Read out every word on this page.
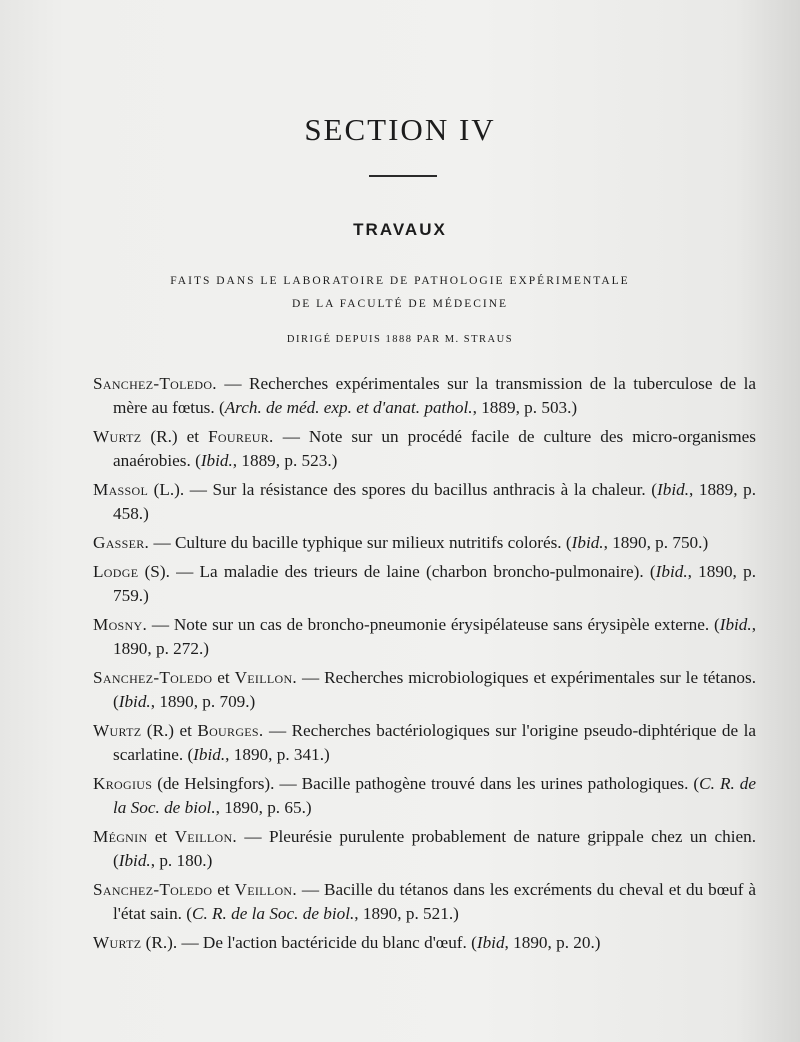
SECTION IV
TRAVAUX
FAITS DANS LE LABORATOIRE DE PATHOLOGIE EXPÉRIMENTALE
DE LA FACULTÉ DE MÉDECINE
DIRIGÉ DEPUIS 1888 PAR M. STRAUS
Sanchez-Toledo. — Recherches expérimentales sur la transmission de la tuberculose de la mère au fœtus. (Arch. de méd. exp. et d'anat. pathol., 1889, p. 503.)
Wurtz (R.) et Foureur. — Note sur un procédé facile de culture des micro-organismes anaérobies. (Ibid., 1889, p. 523.)
Massol (L.). — Sur la résistance des spores du bacillus anthracis à la chaleur. (Ibid., 1889, p. 458.)
Gasser. — Culture du bacille typhique sur milieux nutritifs colorés. (Ibid., 1890, p. 750.)
Lodge (S). — La maladie des trieurs de laine (charbon broncho-pulmonaire). (Ibid., 1890, p. 759.)
Mosny. — Note sur un cas de broncho-pneumonie érysipélateuse sans érysipèle externe. (Ibid., 1890, p. 272.)
Sanchez-Toledo et Veillon. — Recherches microbiologiques et expérimentales sur le tétanos. (Ibid., 1890, p. 709.)
Wurtz (R.) et Bourges. — Recherches bactériologiques sur l'origine pseudo-diphtérique de la scarlatine. (Ibid., 1890, p. 341.)
Krogius (de Helsingfors). — Bacille pathogène trouvé dans les urines pathologiques. (C. R. de la Soc. de biol., 1890, p. 65.)
Mégnin et Veillon. — Pleurésie purulente probablement de nature grippale chez un chien. (Ibid., p. 180.)
Sanchez-Toledo et Veillon. — Bacille du tétanos dans les excréments du cheval et du bœuf à l'état sain. (C. R. de la Soc. de biol., 1890, p. 521.)
Wurtz (R.). — De l'action bactéricide du blanc d'œuf. (Ibid, 1890, p. 20.)
